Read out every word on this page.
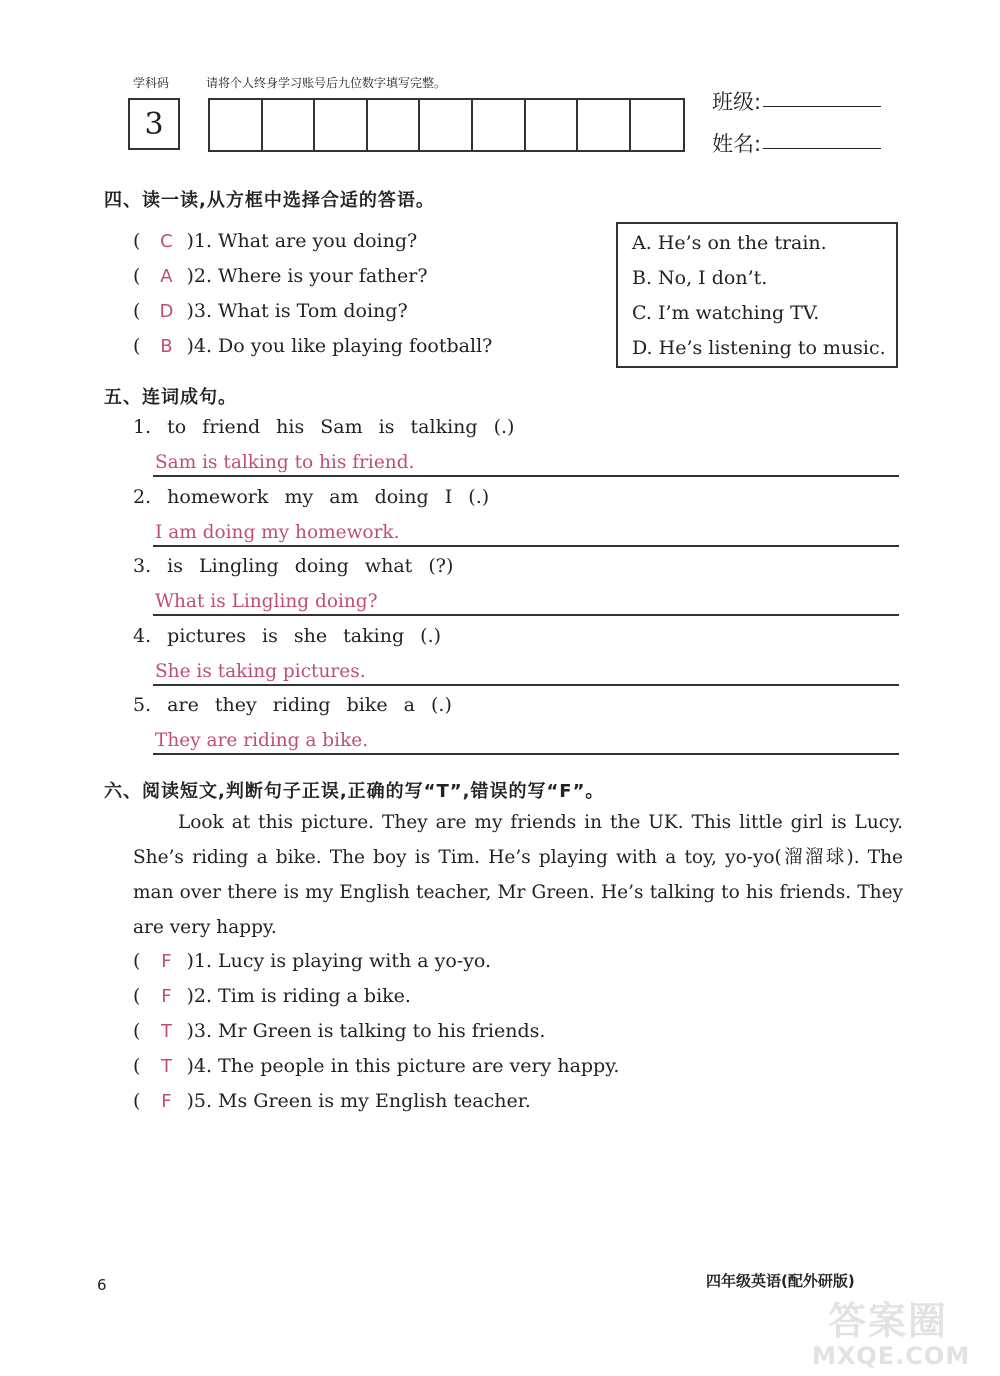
学科码	请将个人终身学习账号后九位数字填写完整。
3
班级:
姓名:
四、读一读,从方框中选择合适的答语。
( C )1. What are you doing?
( A )2. Where is your father?
( D )3. What is Tom doing?
( B )4. Do you like playing football?
A. He’s on the train.
B. No, I don’t.
C. I’m watching TV.
D. He’s listening to music.
五、连词成句。
1. to friend his Sam is talking (.)
Sam is talking to his friend.
2. homework my am doing I (.)
I am doing my homework.
3. is Lingling doing what (?)
What is Lingling doing?
4. pictures is she taking (.)
She is taking pictures.
5. are they riding bike a (.)
They are riding a bike.
六、阅读短文,判断句子正误,正确的写“T”,错误的写“F”。
Look at this picture. They are my friends in the UK. This little girl is Lucy. She’s riding a bike. The boy is Tim. He’s playing with a toy, yo-yo(溜溜球). The man over there is my English teacher, Mr Green. He’s talking to his friends. They are very happy.
( F )1. Lucy is playing with a yo-yo.
( F )2. Tim is riding a bike.
( T )3. Mr Green is talking to his friends.
( T )4. The people in this picture are very happy.
( F )5. Ms Green is my English teacher.
6	四年级英语(配外研版)
答案圈
MXQE.COM
